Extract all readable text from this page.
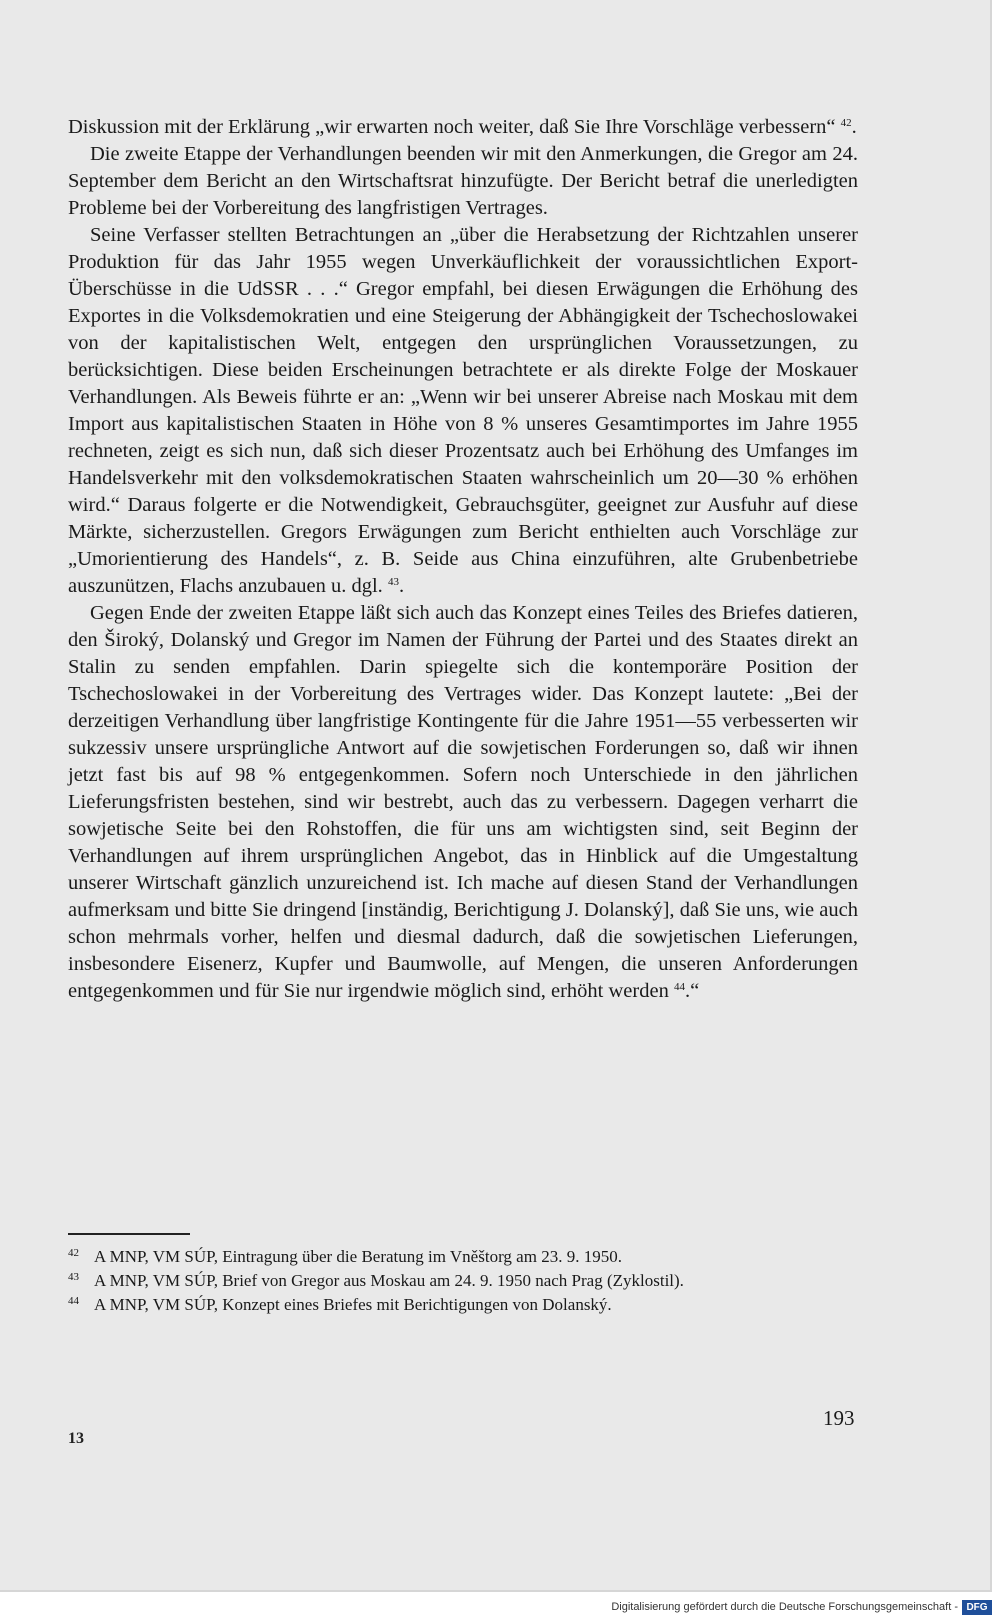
Diskussion mit der Erklärung „wir erwarten noch weiter, daß Sie Ihre Vorschläge verbessern“ $^{42}$.

Die zweite Etappe der Verhandlungen beenden wir mit den Anmerkungen, die Gregor am 24. September dem Bericht an den Wirtschaftsrat hinzufügte. Der Bericht betraf die unerledigten Probleme bei der Vorbereitung des langfristigen Vertrages.

Seine Verfasser stellten Betrachtungen an „über die Herabsetzung der Richtzahlen unserer Produktion für das Jahr 1955 wegen Unverkäuflichkeit der voraussichtlichen Export-Überschüsse in die UdSSR . . .“ Gregor empfahl, bei diesen Erwägungen die Erhöhung des Exportes in die Volksdemokratien und eine Steigerung der Abhängigkeit der Tschechoslowakei von der kapitalistischen Welt, entgegen den ursprünglichen Voraussetzungen, zu berücksichtigen. Diese beiden Erscheinungen betrachtete er als direkte Folge der Moskauer Verhandlungen. Als Beweis führte er an: „Wenn wir bei unserer Abreise nach Moskau mit dem Import aus kapitalistischen Staaten in Höhe von 8 % unseres Gesamtimportes im Jahre 1955 rechneten, zeigt es sich nun, daß sich dieser Prozentsatz auch bei Erhöhung des Umfanges im Handelsverkehr mit den volksdemokratischen Staaten wahrscheinlich um 20—30 % erhöhen wird.“ Daraus folgerte er die Notwendigkeit, Gebrauchsgüter, geeignet zur Ausfuhr auf diese Märkte, sicherzustellen. Gregors Erwägungen zum Bericht enthielten auch Vorschläge zur „Umorientierung des Handels“, z. B. Seide aus China einzuführen, alte Grubenbetriebe auszunützen, Flachs anzubauen u. dgl. $^{43}$.

Gegen Ende der zweiten Etappe läßt sich auch das Konzept eines Teiles des Briefes datieren, den Široký, Dolanský und Gregor im Namen der Führung der Partei und des Staates direkt an Stalin zu senden empfahlen. Darin spiegelte sich die kontemporäre Position der Tschechoslowakei in der Vorbereitung des Vertrages wider. Das Konzept lautete: „Bei der derzeitigen Verhandlung über langfristige Kontingente für die Jahre 1951—55 verbesserten wir sukzessiv unsere ursprüngliche Antwort auf die sowjetischen Forderungen so, daß wir ihnen jetzt fast bis auf 98 % entgegenkommen. Sofern noch Unterschiede in den jährlichen Lieferungsfristen bestehen, sind wir bestrebt, auch das zu verbessern. Dagegen verharrt die sowjetische Seite bei den Rohstoffen, die für uns am wichtigsten sind, seit Beginn der Verhandlungen auf ihrem ursprünglichen Angebot, das in Hinblick auf die Umgestaltung unserer Wirtschaft gänzlich unzureichend ist. Ich mache auf diesen Stand der Verhandlungen aufmerksam und bitte Sie dringend [inständig, Berichtigung J. Dolanský], daß Sie uns, wie auch schon mehrmals vorher, helfen und diesmal dadurch, daß die sowjetischen Lieferungen, insbesondere Eisenerz, Kupfer und Baumwolle, auf Mengen, die unseren Anforderungen entgegenkommen und für Sie nur irgendwie möglich sind, erhöht werden $^{44}$.“

42 A MNP, VM SÚP, Eintragung über die Beratung im Vněštorg am 23. 9. 1950.
43 A MNP, VM SÚP, Brief von Gregor aus Moskau am 24. 9. 1950 nach Prag (Zyklostil).
44 A MNP, VM SÚP, Konzept eines Briefes mit Berichtigungen von Dolanský.
193
13
Digitalisierung gefördert durch die Deutsche Forschungsgemeinschaft - DFG
